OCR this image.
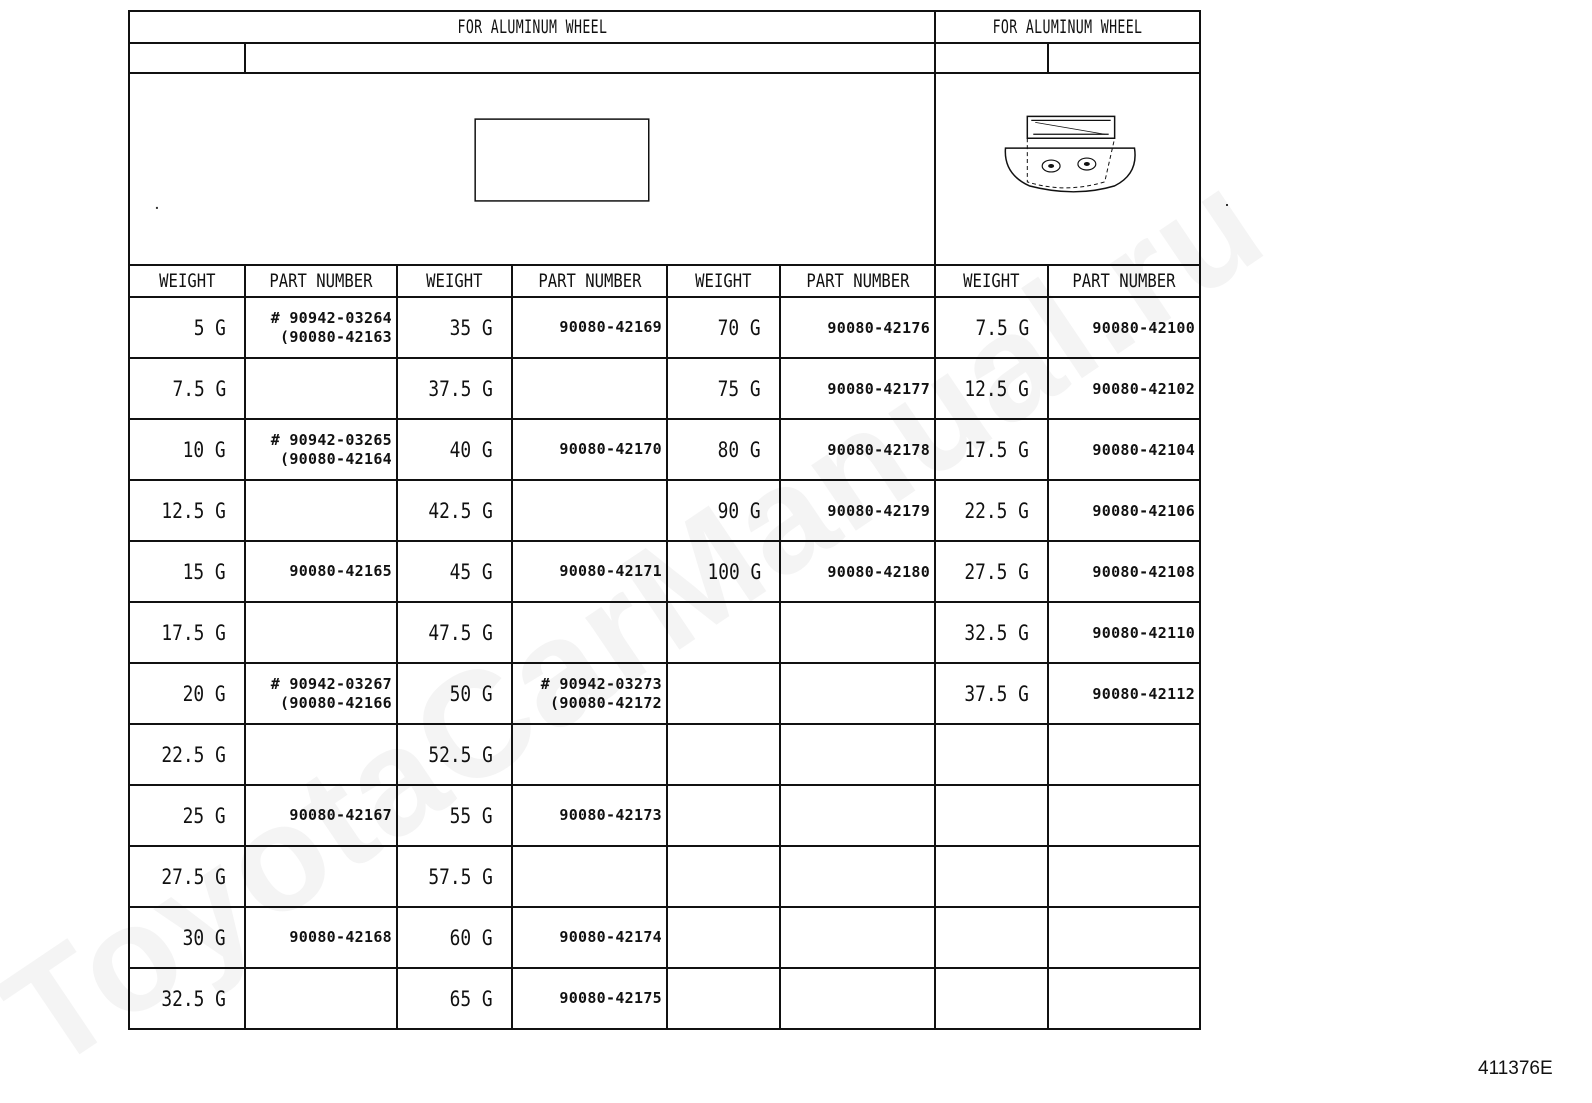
FOR ALUMINUM WHEEL						FOR ALUMINUM WHEEL	

WEIGHT	PART NUMBER	WEIGHT	PART NUMBER	WEIGHT	PART NUMBER	WEIGHT	PART NUMBER
5 G	# 90942-03264
(90080-42163	35 G	90080-42169	70 G	90080-42176	7.5 G	90080-42100

7.5 G		37.5 G		75 G	90080-42177	12.5 G	90080-42102

10 G	# 90942-03265
(90080-42164	40 G	90080-42170	80 G	90080-42178	17.5 G	90080-42104

12.5 G		42.5 G		90 G	90080-42179	22.5 G	90080-42106

15 G	90080-42165	45 G	90080-42171	100 G	90080-42180	27.5 G	90080-42108

17.5 G		47.5 G				32.5 G	90080-42110

20 G	# 90942-03267
(90080-42166	50 G	# 90942-03273
(90080-42172			37.5 G	90080-42112

22.5 G		52.5 G	

25 G	90080-42167	55 G	90080-42173				

27.5 G		57.5 G	

30 G	90080-42168	60 G	90080-42174				

32.5 G		65 G	90080-42175				

411376E
